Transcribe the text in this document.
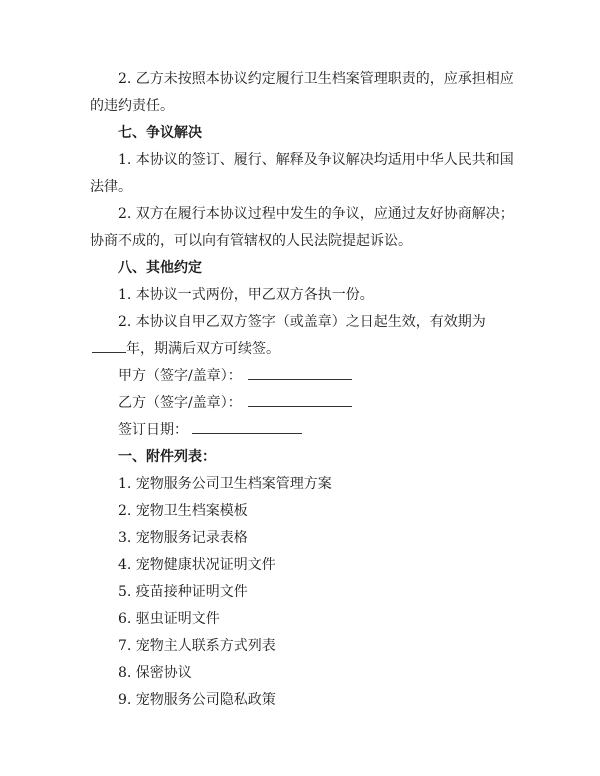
2. 乙方未按照本协议约定履行卫生档案管理职责的，应承担相应的违约责任。

七、争议解决

1. 本协议的签订、履行、解释及争议解决均适用中华人民共和国法律。

2. 双方在履行本协议过程中发生的争议，应通过友好协商解决；协商不成的，可以向有管辖权的人民法院提起诉讼。

八、其他约定

1. 本协议一式两份，甲乙双方各执一份。

2. 本协议自甲乙双方签字（或盖章）之日起生效，有效期为年，期满后双方可续签。

甲方（签字/盖章）：

乙方（签字/盖章）：

签订日期：

一、附件列表：

1. 宠物服务公司卫生档案管理方案

2. 宠物卫生档案模板

3. 宠物服务记录表格

4. 宠物健康状况证明文件

5. 疫苗接种证明文件

6. 驱虫证明文件

7. 宠物主人联系方式列表

8. 保密协议

9. 宠物服务公司隐私政策
